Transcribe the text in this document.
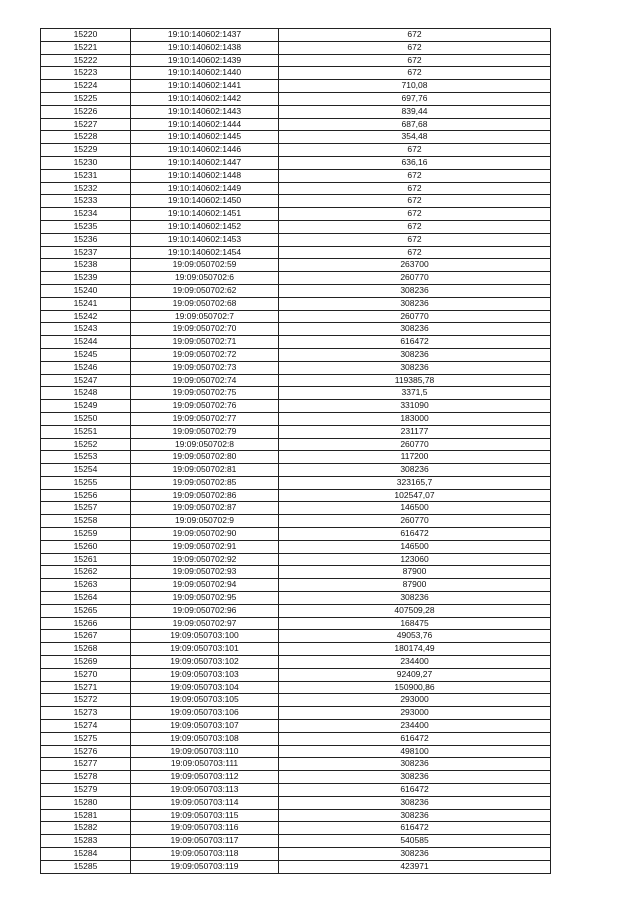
15220	19:10:140602:1437	672
15221	19:10:140602:1438	672
15222	19:10:140602:1439	672
15223	19:10:140602:1440	672
15224	19:10:140602:1441	710,08
15225	19:10:140602:1442	697,76
15226	19:10:140602:1443	839,44
15227	19:10:140602:1444	687,68
15228	19:10:140602:1445	354,48
15229	19:10:140602:1446	672
15230	19:10:140602:1447	636,16
15231	19:10:140602:1448	672
15232	19:10:140602:1449	672
15233	19:10:140602:1450	672
15234	19:10:140602:1451	672
15235	19:10:140602:1452	672
15236	19:10:140602:1453	672
15237	19:10:140602:1454	672
15238	19:09:050702:59	263700
15239	19:09:050702:6	260770
15240	19:09:050702:62	308236
15241	19:09:050702:68	308236
15242	19:09:050702:7	260770
15243	19:09:050702:70	308236
15244	19:09:050702:71	616472
15245	19:09:050702:72	308236
15246	19:09:050702:73	308236
15247	19:09:050702:74	119385,78
15248	19:09:050702:75	3371,5
15249	19:09:050702:76	331090
15250	19:09:050702:77	183000
15251	19:09:050702:79	231177
15252	19:09:050702:8	260770
15253	19:09:050702:80	117200
15254	19:09:050702:81	308236
15255	19:09:050702:85	323165,7
15256	19:09:050702:86	102547,07
15257	19:09:050702:87	146500
15258	19:09:050702:9	260770
15259	19:09:050702:90	616472
15260	19:09:050702:91	146500
15261	19:09:050702:92	123060
15262	19:09:050702:93	87900
15263	19:09:050702:94	87900
15264	19:09:050702:95	308236
15265	19:09:050702:96	407509,28
15266	19:09:050702:97	168475
15267	19:09:050703:100	49053,76
15268	19:09:050703:101	180174,49
15269	19:09:050703:102	234400
15270	19:09:050703:103	92409,27
15271	19:09:050703:104	150900,86
15272	19:09:050703:105	293000
15273	19:09:050703:106	293000
15274	19:09:050703:107	234400
15275	19:09:050703:108	616472
15276	19:09:050703:110	498100
15277	19:09:050703:111	308236
15278	19:09:050703:112	308236
15279	19:09:050703:113	616472
15280	19:09:050703:114	308236
15281	19:09:050703:115	308236
15282	19:09:050703:116	616472
15283	19:09:050703:117	540585
15284	19:09:050703:118	308236
15285	19:09:050703:119	423971
